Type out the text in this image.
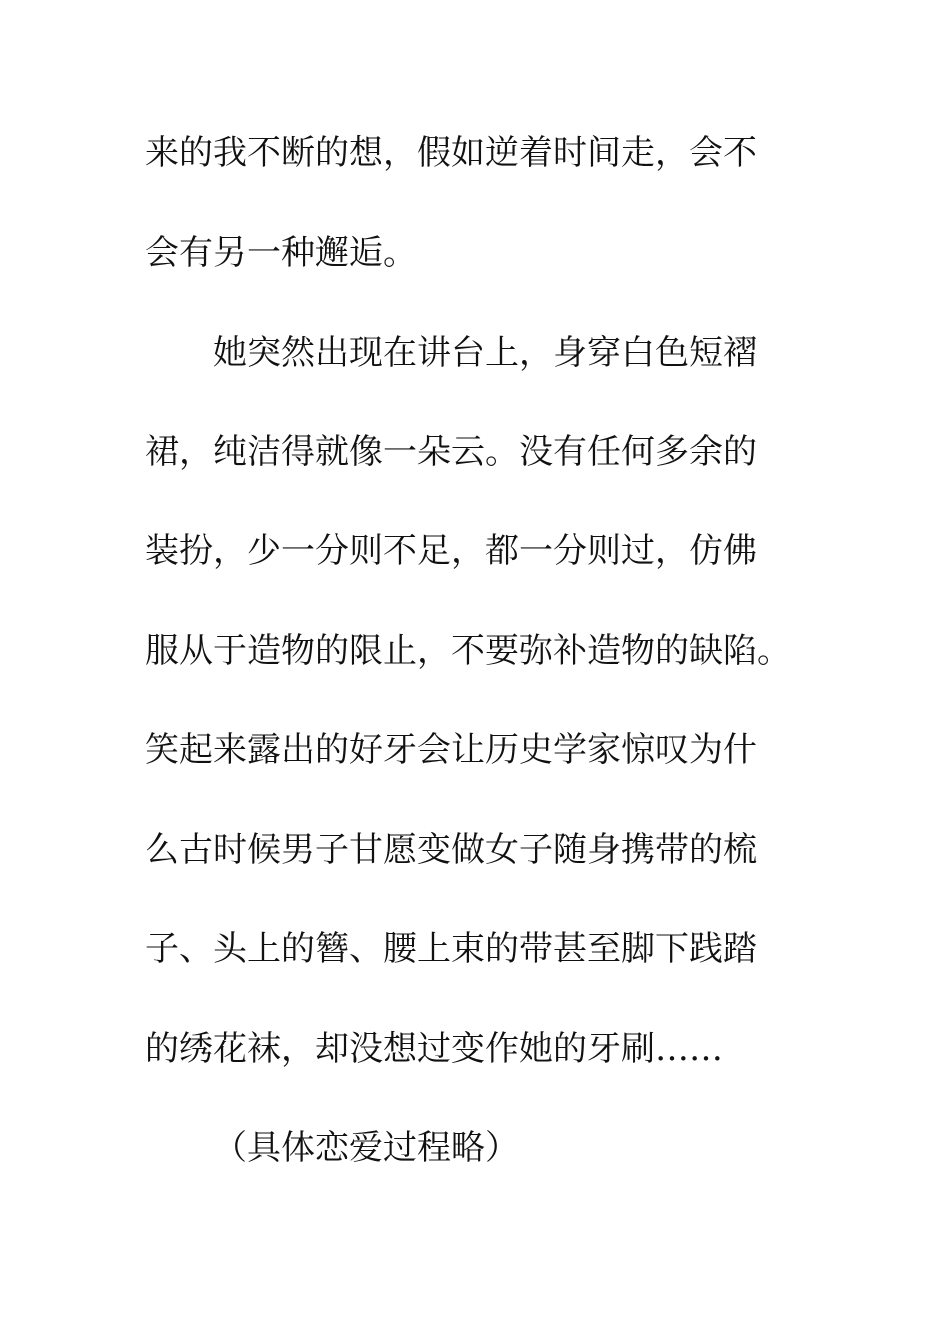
来的我不断的想，假如逆着时间走，会不
会有另一种邂逅。
她突然出现在讲台上，身穿白色短褶
裙，纯洁得就像一朵云。没有任何多余的
装扮，少一分则不足，都一分则过，仿佛
服从于造物的限止，不要弥补造物的缺陷。
笑起来露出的好牙会让历史学家惊叹为什
么古时候男子甘愿变做女子随身携带的梳
子、头上的簪、腰上束的带甚至脚下践踏
的绣花袜，却没想过变作她的牙刷……
（具体恋爱过程略）
